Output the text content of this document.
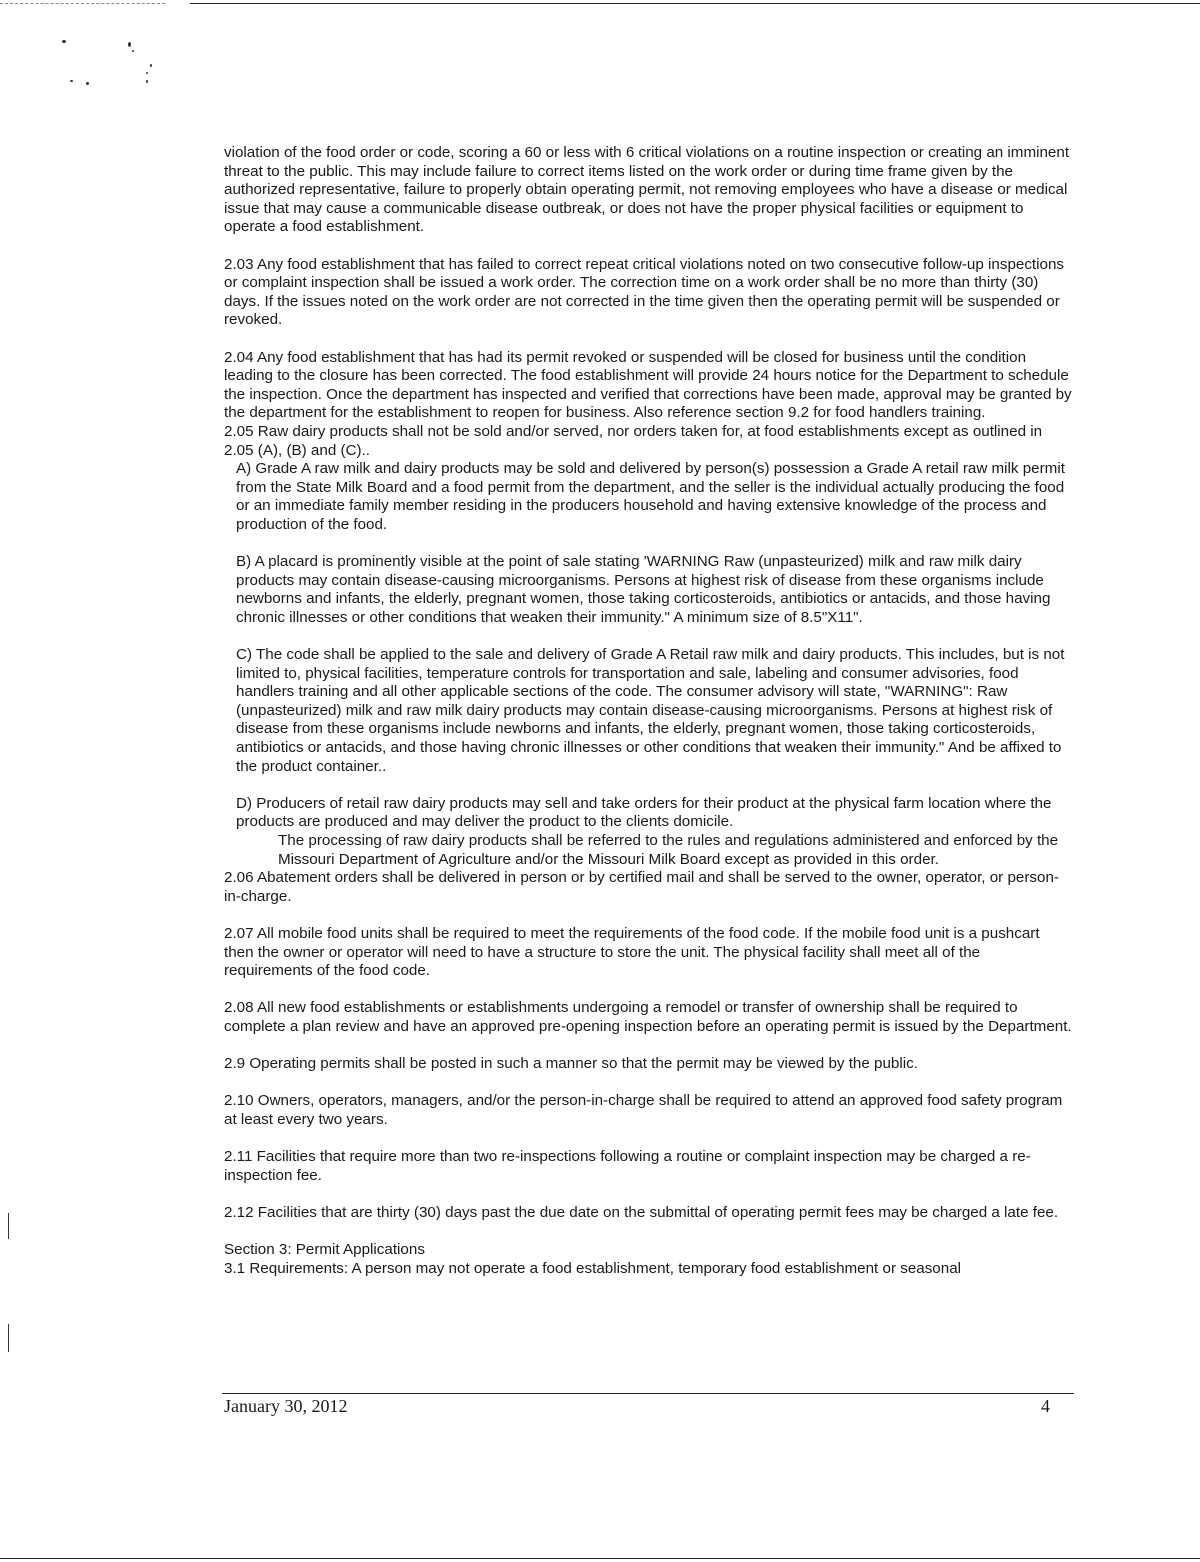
violation of the food order or code, scoring a 60 or less with 6 critical violations on a routine inspection or creating an imminent threat to the public. This may include failure to correct items listed on the work order or during time frame given by the authorized representative, failure to properly obtain operating permit, not removing employees who have a disease or medical issue that may cause a communicable disease outbreak, or does not have the proper physical facilities or equipment to operate a food establishment.

2.03 Any food establishment that has failed to correct repeat critical violations noted on two consecutive follow-up inspections or complaint inspection shall be issued a work order. The correction time on a work order shall be no more than thirty (30) days. If the issues noted on the work order are not corrected in the time given then the operating permit will be suspended or revoked.

2.04 Any food establishment that has had its permit revoked or suspended will be closed for business until the condition leading to the closure has been corrected. The food establishment will provide 24 hours notice for the Department to schedule the inspection. Once the department has inspected and verified that corrections have been made, approval may be granted by the department for the establishment to reopen for business. Also reference section 9.2 for food handlers training.

2.05 Raw dairy products shall not be sold and/or served, nor orders taken for, at food establishments except as outlined in 2.05 (A), (B) and (C)..

A) Grade A raw milk and dairy products may be sold and delivered by person(s) possession a Grade A retail raw milk permit from the State Milk Board and a food permit from the department, and the seller is the individual actually producing the food or an immediate family member residing in the producers household and having extensive knowledge of the process and production of the food.

B) A placard is prominently visible at the point of sale stating 'WARNING Raw (unpasteurized) milk and raw milk dairy products may contain disease-causing microorganisms. Persons at highest risk of disease from these organisms include newborns and infants, the elderly, pregnant women, those taking corticosteroids, antibiotics or antacids, and those having chronic illnesses or other conditions that weaken their immunity." A minimum size of 8.5"X11".

C) The code shall be applied to the sale and delivery of Grade A Retail raw milk and dairy products. This includes, but is not limited to, physical facilities, temperature controls for transportation and sale, labeling and consumer advisories, food handlers training and all other applicable sections of the code. The consumer advisory will state, "WARNING": Raw (unpasteurized) milk and raw milk dairy products may contain disease-causing microorganisms. Persons at highest risk of disease from these organisms include newborns and infants, the elderly, pregnant women, those taking corticosteroids, antibiotics or antacids, and those having chronic illnesses or other conditions that weaken their immunity." And be affixed to the product container..

D) Producers of retail raw dairy products may sell and take orders for their product at the physical farm location where the products are produced and may deliver the product to the clients domicile.

The processing of raw dairy products shall be referred to the rules and regulations administered and enforced by the Missouri Department of Agriculture and/or the Missouri Milk Board except as provided in this order.

2.06 Abatement orders shall be delivered in person or by certified mail and shall be served to the owner, operator, or person-in-charge.

2.07 All mobile food units shall be required to meet the requirements of the food code. If the mobile food unit is a pushcart then the owner or operator will need to have a structure to store the unit. The physical facility shall meet all of the requirements of the food code.

2.08 All new food establishments or establishments undergoing a remodel or transfer of ownership shall be required to complete a plan review and have an approved pre-opening inspection before an operating permit is issued by the Department.

2.9 Operating permits shall be posted in such a manner so that the permit may be viewed by the public.

2.10 Owners, operators, managers, and/or the person-in-charge shall be required to attend an approved food safety program at least every two years.

2.11 Facilities that require more than two re-inspections following a routine or complaint inspection may be charged a re-inspection fee.

2.12 Facilities that are thirty (30) days past the due date on the submittal of operating permit fees may be charged a late fee.

Section 3: Permit Applications

3.1 Requirements: A person may not operate a food establishment, temporary food establishment or seasonal

January 30, 2012	4
